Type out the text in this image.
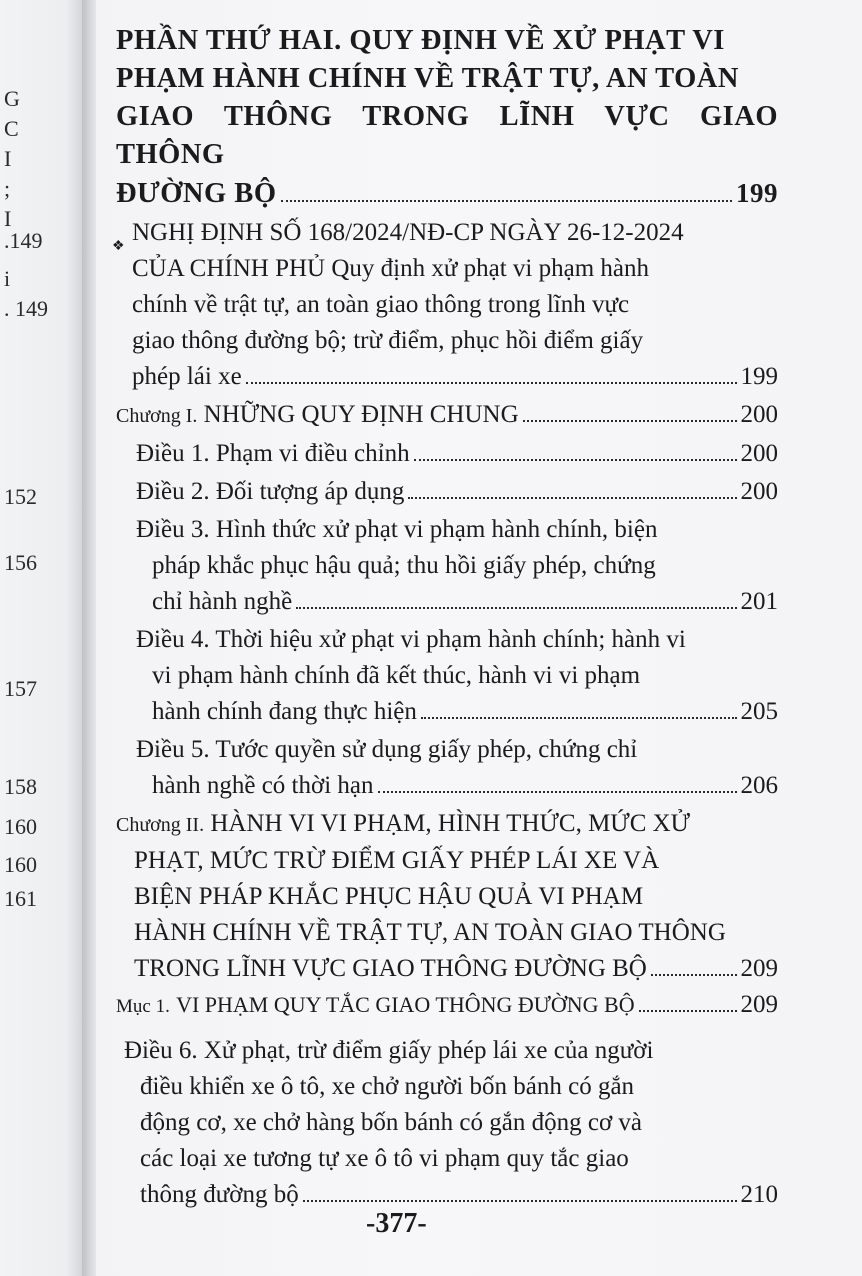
G
C
I
;
I
.149
i
. 149
152
156
157
158
160
160
161
PHẦN THỨ HAI. QUY ĐỊNH VỀ XỬ PHẠT VI
PHẠM HÀNH CHÍNH VỀ TRẬT TỰ, AN TOÀN
GIAO THÔNG TRONG LĨNH VỰC GIAO THÔNG
ĐƯỜNG BỘ	199
❖
NGHỊ ĐỊNH SỐ 168/2024/NĐ-CP NGÀY 26-12-2024
CỦA CHÍNH PHỦ Quy định xử phạt vi phạm hành
chính về trật tự, an toàn giao thông trong lĩnh vực
giao thông đường bộ; trừ điểm, phục hồi điểm giấy
phép lái xe	199
Chương I.
NHỮNG QUY ĐỊNH CHUNG	200
Điều 1. Phạm vi điều chỉnh	200
Điều 2. Đối tượng áp dụng	200
Điều 3. Hình thức xử phạt vi phạm hành chính, biện
pháp khắc phục hậu quả; thu hồi giấy phép, chứng
chỉ hành nghề	201
Điều 4. Thời hiệu xử phạt vi phạm hành chính; hành vi
vi phạm hành chính đã kết thúc, hành vi vi phạm
hành chính đang thực hiện	205
Điều 5. Tước quyền sử dụng giấy phép, chứng chỉ
hành nghề có thời hạn	206
Chương II. HÀNH VI VI PHẠM, HÌNH THỨC, MỨC XỬ
PHẠT, MỨC TRỪ ĐIỂM GIẤY PHÉP LÁI XE VÀ
BIỆN PHÁP KHẮC PHỤC HẬU QUẢ VI PHẠM
HÀNH CHÍNH VỀ TRẬT TỰ, AN TOÀN GIAO THÔNG
TRONG LĨNH VỰC GIAO THÔNG ĐƯỜNG BỘ	209
Mục 1.
VI PHẠM QUY TẮC GIAO THÔNG ĐƯỜNG BỘ	209
Điều 6. Xử phạt, trừ điểm giấy phép lái xe của người
điều khiển xe ô tô, xe chở người bốn bánh có gắn
động cơ, xe chở hàng bốn bánh có gắn động cơ và
các loại xe tương tự xe ô tô vi phạm quy tắc giao
thông đường bộ	210
-377-
